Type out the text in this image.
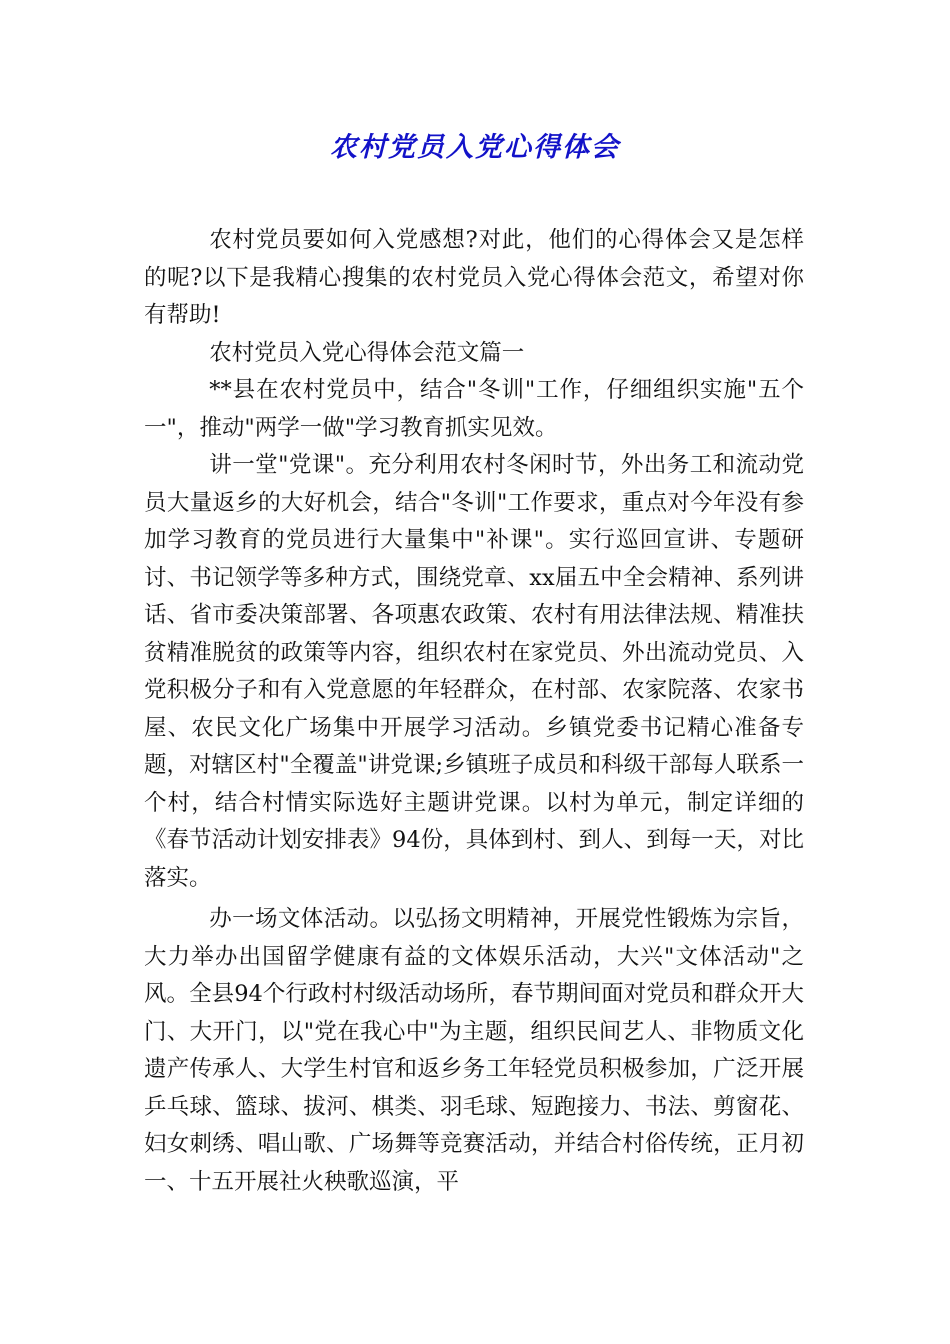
农村党员入党心得体会

农村党员要如何入党感想?对此，他们的心得体会又是怎样的呢?以下是我精心搜集的农村党员入党心得体会范文，希望对你有帮助!

农村党员入党心得体会范文篇一

**县在农村党员中，结合"冬训"工作，仔细组织实施"五个一"，推动"两学一做"学习教育抓实见效。

讲一堂"党课"。充分利用农村冬闲时节，外出务工和流动党员大量返乡的大好机会，结合"冬训"工作要求，重点对今年没有参加学习教育的党员进行大量集中"补课"。实行巡回宣讲、专题研讨、书记领学等多种方式，围绕党章、xx届五中全会精神、系列讲话、省市委决策部署、各项惠农政策、农村有用法律法规、精准扶贫精准脱贫的政策等内容，组织农村在家党员、外出流动党员、入党积极分子和有入党意愿的年轻群众，在村部、农家院落、农家书屋、农民文化广场集中开展学习活动。乡镇党委书记精心准备专题，对辖区村"全覆盖"讲党课;乡镇班子成员和科级干部每人联系一个村，结合村情实际选好主题讲党课。以村为单元，制定详细的《春节活动计划安排表》94份，具体到村、到人、到每一天，对比落实。

办一场文体活动。以弘扬文明精神，开展党性锻炼为宗旨，大力举办出国留学健康有益的文体娱乐活动，大兴"文体活动"之风。全县94个行政村村级活动场所，春节期间面对党员和群众开大门、大开门，以"党在我心中"为主题，组织民间艺人、非物质文化遗产传承人、大学生村官和返乡务工年轻党员积极参加，广泛开展乒乓球、篮球、拔河、棋类、羽毛球、短跑接力、书法、剪窗花、妇女刺绣、唱山歌、广场舞等竞赛活动，并结合村俗传统，正月初一、十五开展社火秧歌巡演，平
